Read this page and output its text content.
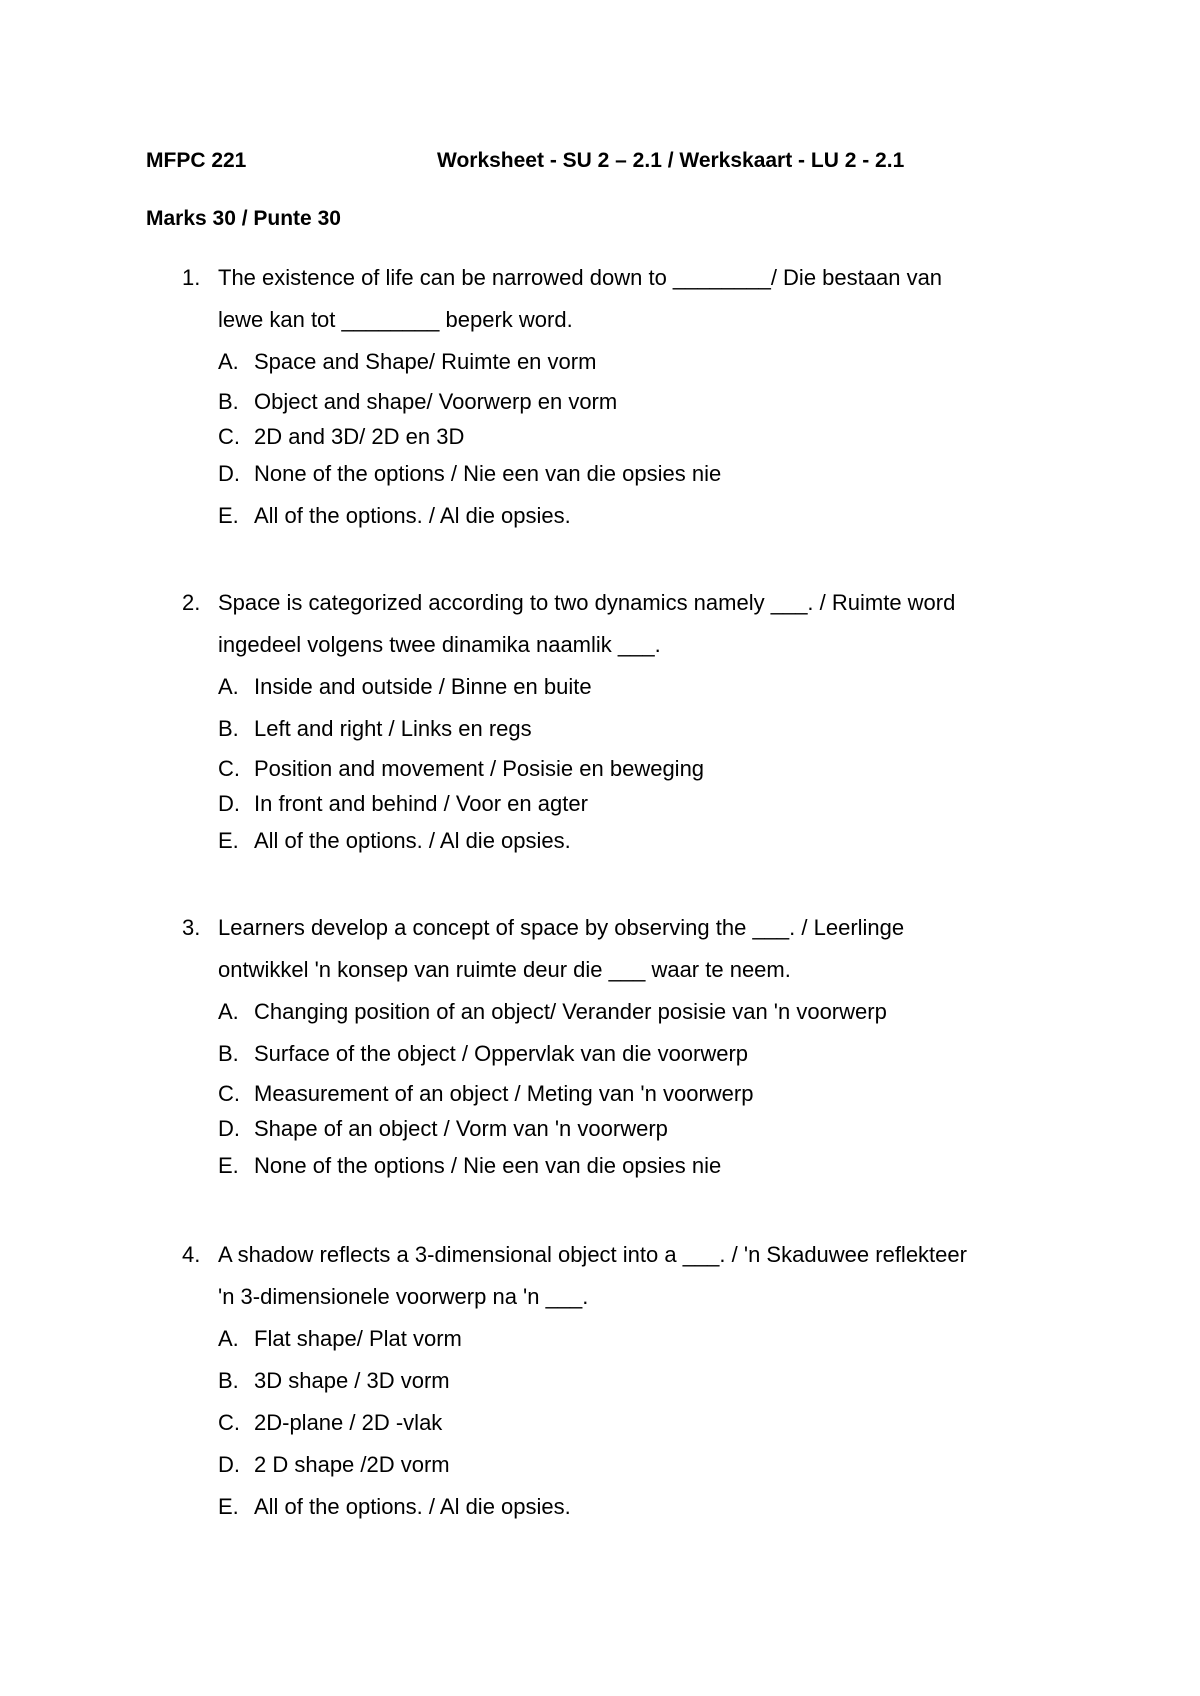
MFPC 221	Worksheet - SU 2 – 2.1 / Werkskaart - LU 2 - 2.1
Marks 30 / Punte 30
1. The existence of life can be narrowed down to ________/ Die bestaan van
lewe kan tot ________ beperk word.
A. Space and Shape/ Ruimte en vorm
B. Object and shape/ Voorwerp en vorm
C. 2D and 3D/ 2D en 3D
D. None of the options / Nie een van die opsies nie
E. All of the options. / Al die opsies.
2. Space is categorized according to two dynamics namely ___. / Ruimte word
ingedeel volgens twee dinamika naamlik ___.
A. Inside and outside / Binne en buite
B. Left and right / Links en regs
C. Position and movement / Posisie en beweging
D. In front and behind / Voor en agter
E. All of the options. / Al die opsies.
3. Learners develop a concept of space by observing the ___. / Leerlinge
ontwikkel 'n konsep van ruimte deur die ___ waar te neem.
A. Changing position of an object/ Verander posisie van 'n voorwerp
B. Surface of the object / Oppervlak van die voorwerp
C. Measurement of an object / Meting van 'n voorwerp
D. Shape of an object / Vorm van 'n voorwerp
E. None of the options / Nie een van die opsies nie
4. A shadow reflects a 3-dimensional object into a ___. / 'n Skaduwee reflekteer
'n 3-dimensionele voorwerp na 'n ___.
A. Flat shape/ Plat vorm
B. 3D shape / 3D vorm
C. 2D-plane / 2D -vlak
D. 2 D shape /2D vorm
E. All of the options. / Al die opsies.
